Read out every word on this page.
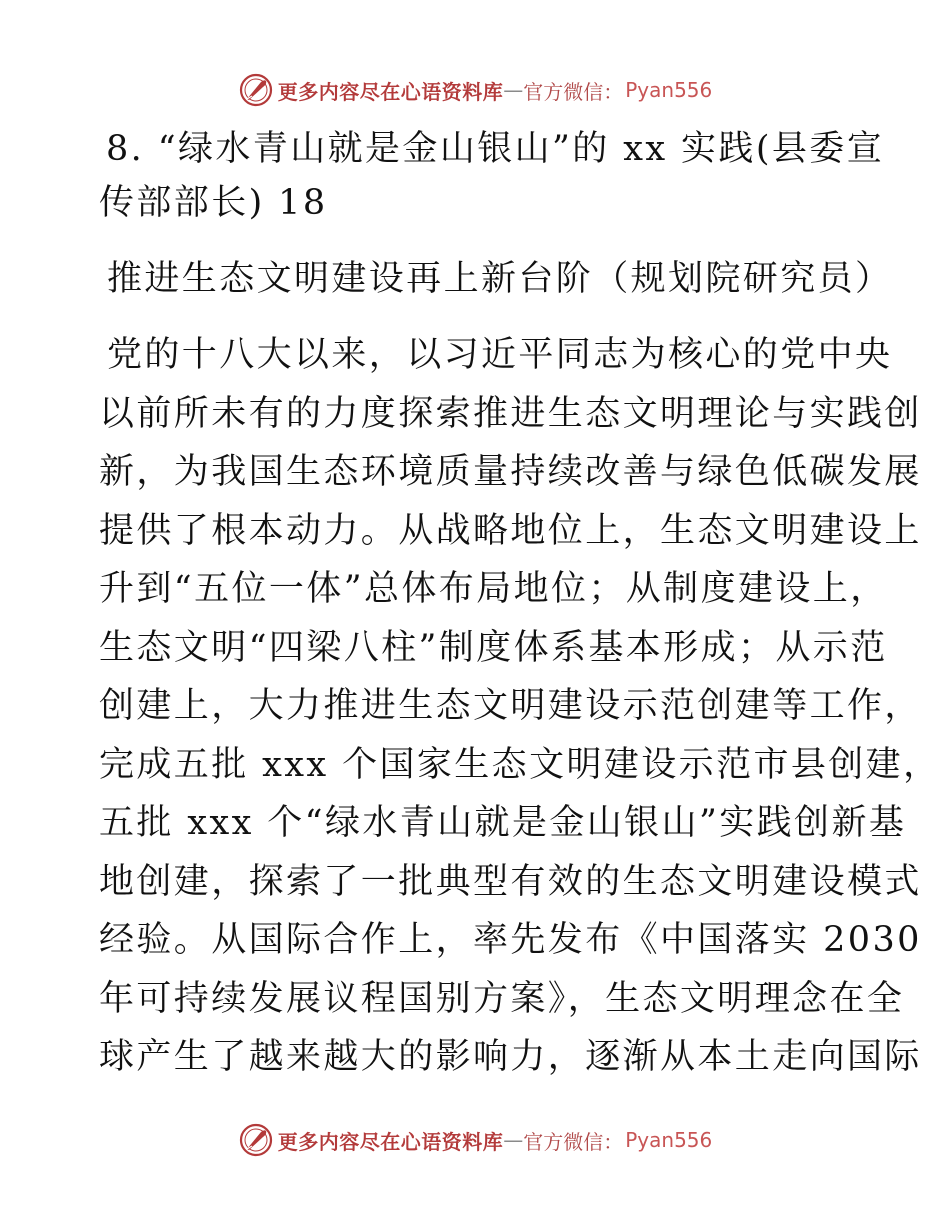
更多内容尽在心语资料库 — 官方微信： Pyan556
8. “绿水青山就是金山银山”的 xx 实践(县委宣
传部部长) 18
推进生态文明建设再上新台阶（规划院研究员）
党的十八大以来，以习近平同志为核心的党中央
以前所未有的力度探索推进生态文明理论与实践创
新，为我国生态环境质量持续改善与绿色低碳发展
提供了根本动力。从战略地位上，生态文明建设上
升到“五位一体”总体布局地位；从制度建设上，
生态文明“四梁八柱”制度体系基本形成；从示范
创建上，大力推进生态文明建设示范创建等工作，
完成五批 xxx 个国家生态文明建设示范市县创建，
五批 xxx 个“绿水青山就是金山银山”实践创新基
地创建，探索了一批典型有效的生态文明建设模式
经验。从国际合作上，率先发布《中国落实 2030
年可持续发展议程国别方案》，生态文明理念在全
球产生了越来越大的影响力，逐渐从本土走向国际
更多内容尽在心语资料库 — 官方微信： Pyan556
